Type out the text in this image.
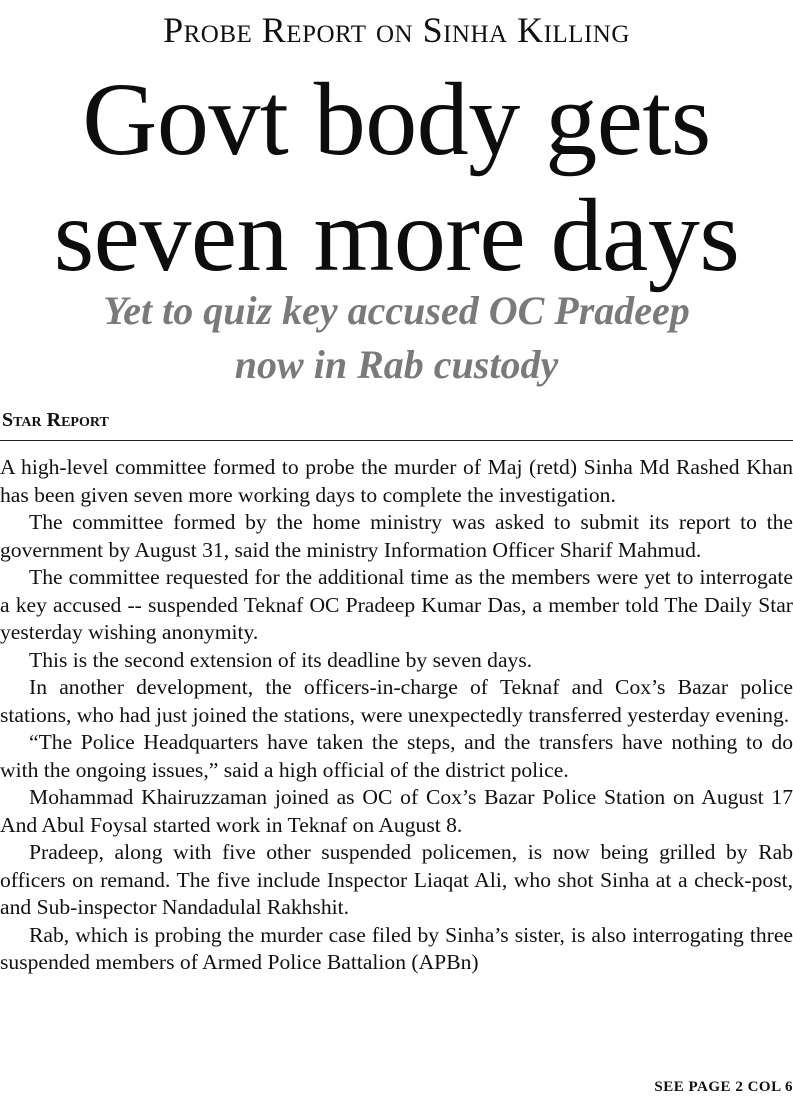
Probe Report on Sinha Killing
Govt body gets
seven more days
Yet to quiz key accused OC Pradeep
now in Rab custody
Star Report

A high-level committee formed to probe the murder of Maj (retd) Sinha Md Rashed Khan has been given seven more working days to complete the investigation.

The committee formed by the home ministry was asked to submit its report to the government by August 31, said the ministry Information Officer Sharif Mahmud.

The committee requested for the additional time as the members were yet to interrogate a key accused -- suspended Teknaf OC Pradeep Kumar Das, a member told The Daily Star yesterday wishing anonymity.

This is the second extension of its deadline by seven days.

In another development, the officers-in-charge of Teknaf and Cox’s Bazar police stations, who had just joined the stations, were unexpectedly transferred yesterday evening.

“The Police Headquarters have taken the steps, and the transfers have nothing to do with the ongoing issues,” said a high official of the district police.

Mohammad Khairuzzaman joined as OC of Cox’s Bazar Police Station on August 17 And Abul Foysal started work in Teknaf on August 8.

Pradeep, along with five other suspended policemen, is now being grilled by Rab officers on remand. The five include Inspector Liaqat Ali, who shot Sinha at a check-post, and Sub-inspector Nandadulal Rakhshit.

Rab, which is probing the murder case filed by Sinha’s sister, is also interrogating three suspended members of Armed Police Battalion (APBn)

SEE PAGE 2 COL 6
